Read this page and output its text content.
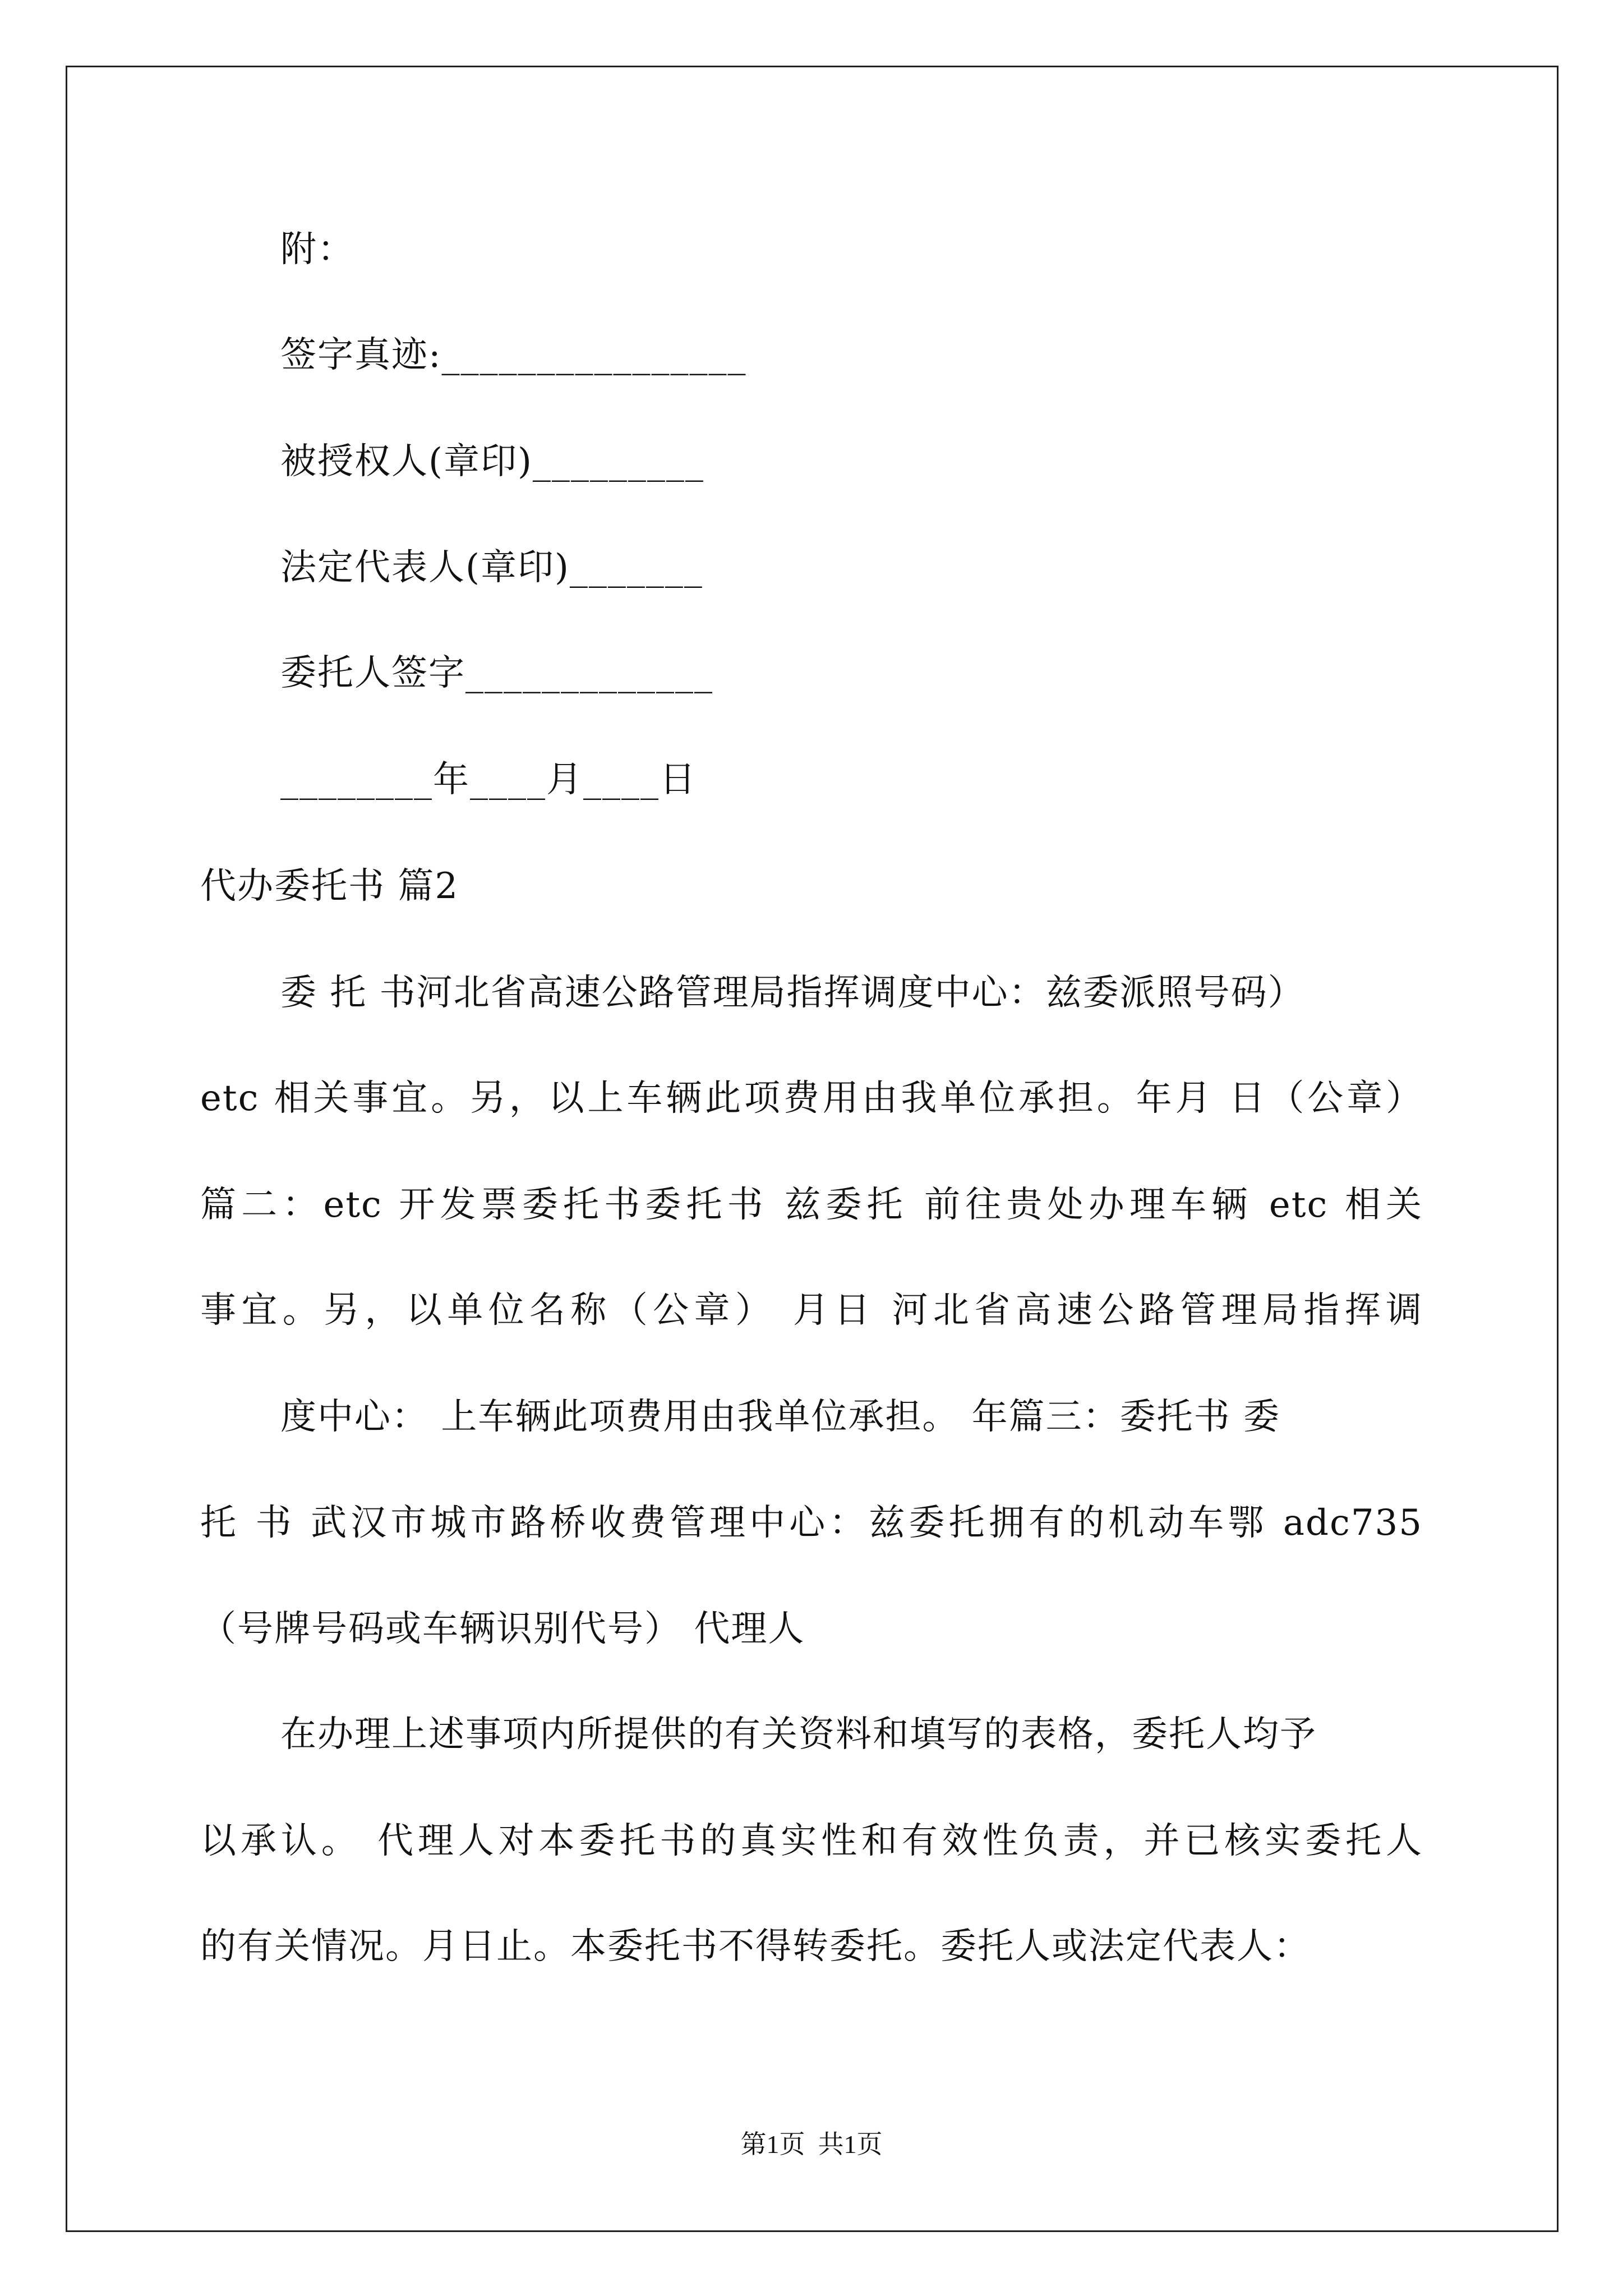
附：
签字真迹:________________
被授权人(章印)_________
法定代表人(章印)_______
委托人签字_____________
________年____月____日
代办委托书 篇2
委 托 书河北省高速公路管理局指挥调度中心：兹委派照号码）
etc 相关事宜。另，以上车辆此项费用由我单位承担。年月 日（公章）
篇二：etc 开发票委托书委托书 兹委托 前往贵处办理车辆 etc 相关
事宜。另，以单位名称（公章） 月日 河北省高速公路管理局指挥调
度中心： 上车辆此项费用由我单位承担。 年篇三：委托书 委
托 书 武汉市城市路桥收费管理中心：兹委托拥有的机动车鄂 adc735
（号牌号码或车辆识别代号） 代理人
在办理上述事项内所提供的有关资料和填写的表格，委托人均予
以承认。 代理人对本委托书的真实性和有效性负责，并已核实委托人
的有关情况。月日止。本委托书不得转委托。委托人或法定代表人：
第1页  共1页
